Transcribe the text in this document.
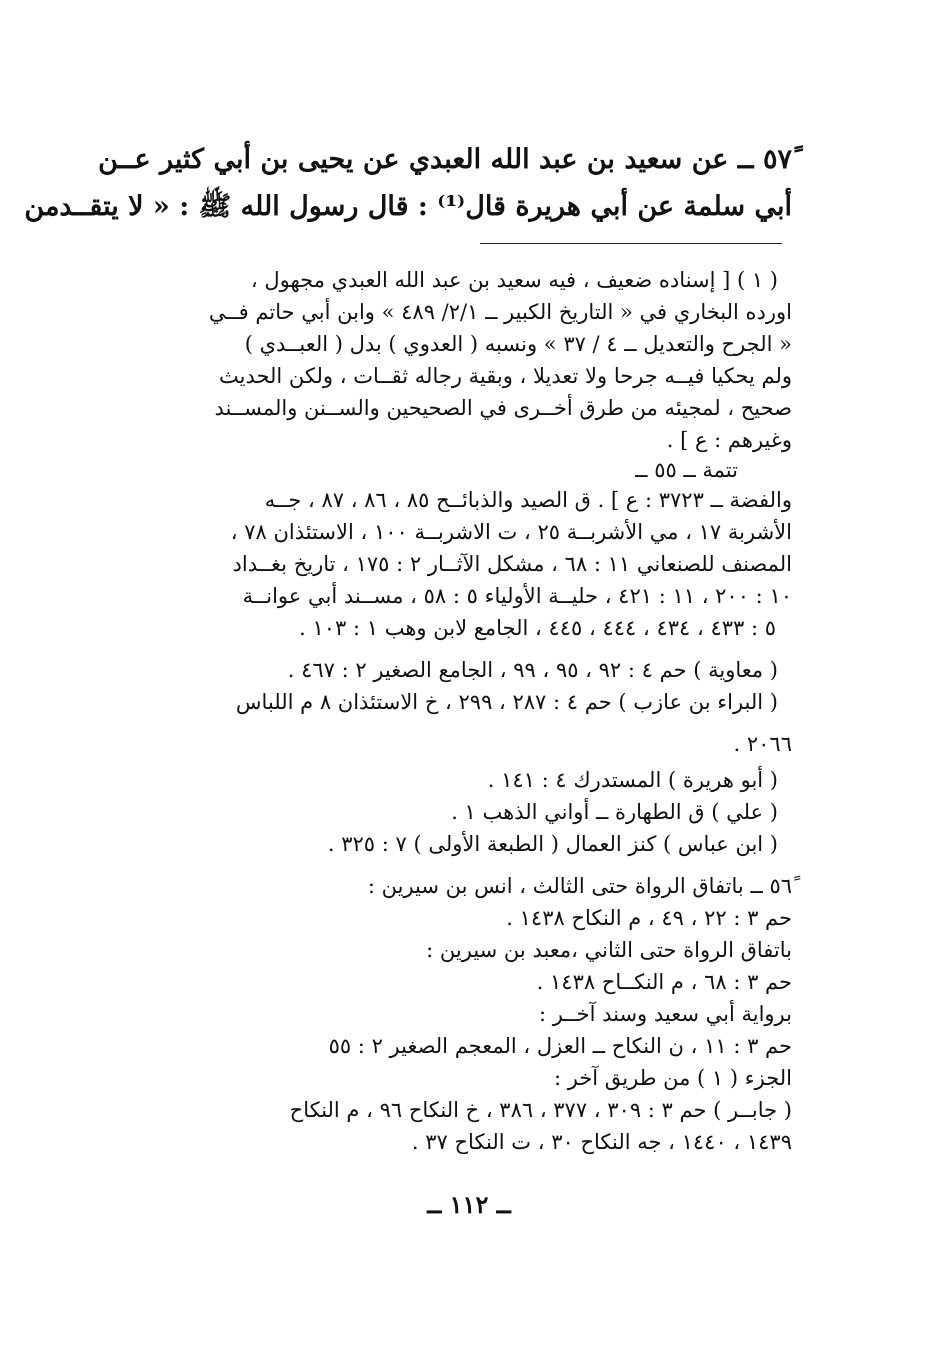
٥٧ً ــ عن سعيد بن عبد الله العبدي عن يحيى بن أبي كثير عــن
أبي سلمة عن أبي هريرة قال⁽¹⁾ : قال رسول الله ﷺ : « لا يتقــدمن
( ١ ) [ إسناده ضعيف ، فيه سعيد بن عبد الله العبدي مجهول ،
اورده البخاري في « التاريخ الكبير ــ ٢/١/ ٤٨٩ » وابن أبي حاتم فــي
« الجرح والتعديل ــ ٤ / ٣٧ » ونسبه ( العدوي ) بدل ( العبــدي )
ولم يحكيا فيــه جرحا ولا تعديلا ، وبقية رجاله ثقــات ، ولكن الحديث
صحيح ، لمجيئه من طرق أخــرى في الصحيحين والســنن والمســند
وغيرهم : ع ] .
تتمة ــ ٥٥ ــ
والفضة ــ ٣٧٢٣ : ع ] . ق الصيد والذبائــح ٨٥ ، ٨٦ ، ٨٧ ، جــه
الأشربة ١٧ ، مي الأشربــة ٢٥ ، ت الاشربــة ١٠٠ ، الاستئذان ٧٨ ،
المصنف للصنعاني ١١ : ٦٨ ، مشكل الآثــار ٢ : ١٧٥ ، تاريخ بغــداد
١٠ : ٢٠٠ ، ١١ : ٤٢١ ، حليــة الأولياء ٥ : ٥٨ ، مســند أبي عوانــة
٥ : ٤٣٣ ، ٤٣٤ ، ٤٤٤ ، ٤٤٥ ، الجامع لابن وهب ١ : ١٠٣ .
( معاوية ) حم ٤ : ٩٢ ، ٩٥ ، ٩٩ ، الجامع الصغير ٢ : ٤٦٧ .
( البراء بن عازب ) حم ٤ : ٢٨٧ ، ٢٩٩ ، خ الاستئذان ٨ م اللباس
٢٠٦٦ .
( أبو هريرة ) المستدرك ٤ : ١٤١ .
( علي ) ق الطهارة ــ أواني الذهب ١ .
( ابن عباس ) كنز العمال ( الطبعة الأولى ) ٧ : ٣٢٥ .
٥٦ً ــ باتفاق الرواة حتى الثالث ، انس بن سيرين :
حم ٣ : ٢٢ ، ٤٩ ، م النكاح ١٤٣٨ .
باتفاق الرواة حتى الثاني ،معبد بن سيرين :
حم ٣ : ٦٨ ، م النكــاح ١٤٣٨ .
برواية أبي سعيد وسند آخــر :
حم ٣ : ١١ ، ن النكاح ــ العزل ، المعجم الصغير ٢ : ٥٥
الجزء ( ١ ) من طريق آخر :
( جابــر ) حم ٣ : ٣٠٩ ، ٣٧٧ ، ٣٨٦ ، خ النكاح ٩٦ ، م النكاح
١٤٣٩ ، ١٤٤٠ ، جه النكاح ٣٠ ، ت النكاح ٣٧ .
ــ ١١٢ ــ
